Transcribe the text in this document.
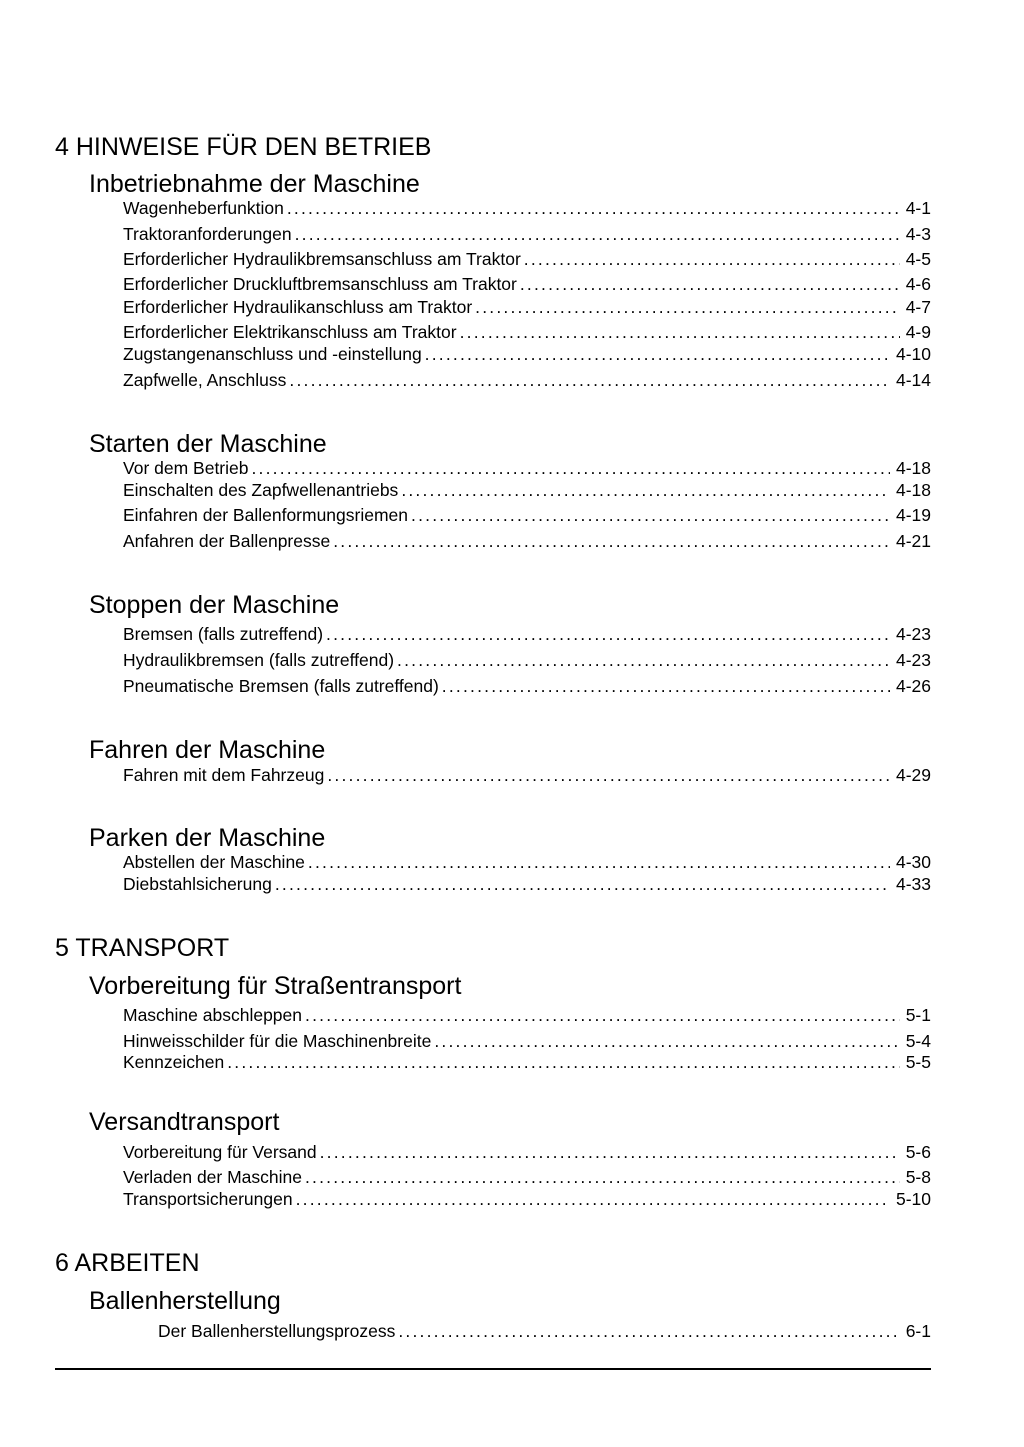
4 HINWEISE FÜR DEN BETRIEB
Inbetriebnahme der Maschine
Wagenheberfunktion .....	4-1
Traktoranforderungen .....	4-3
Erforderlicher Hydraulikbremsanschluss am Traktor .....	4-5
Erforderlicher Druckluftbremsanschluss am Traktor .....	4-6
Erforderlicher Hydraulikanschluss am Traktor .....	4-7
Erforderlicher Elektrikanschluss am Traktor .....	4-9
Zugstangenanschluss und -einstellung .....	4-10
Zapfwelle, Anschluss .....	4-14
Starten der Maschine
Vor dem Betrieb .....	4-18
Einschalten des Zapfwellenantriebs .....	4-18
Einfahren der Ballenformungsriemen .....	4-19
Anfahren der Ballenpresse .....	4-21
Stoppen der Maschine
Bremsen (falls zutreffend) .....	4-23
Hydraulikbremsen (falls zutreffend) .....	4-23
Pneumatische Bremsen (falls zutreffend) .....	4-26
Fahren der Maschine
Fahren mit dem Fahrzeug .....	4-29
Parken der Maschine
Abstellen der Maschine .....	4-30
Diebstahlsicherung .....	4-33
5 TRANSPORT
Vorbereitung für Straßentransport
Maschine abschleppen .....	5-1
Hinweisschilder für die Maschinenbreite .....	5-4
Kennzeichen .....	5-5
Versandtransport
Vorbereitung für Versand .....	5-6
Verladen der Maschine .....	5-8
Transportsicherungen .....	5-10
6 ARBEITEN
Ballenherstellung
Der Ballenherstellungsprozess .....	6-1
